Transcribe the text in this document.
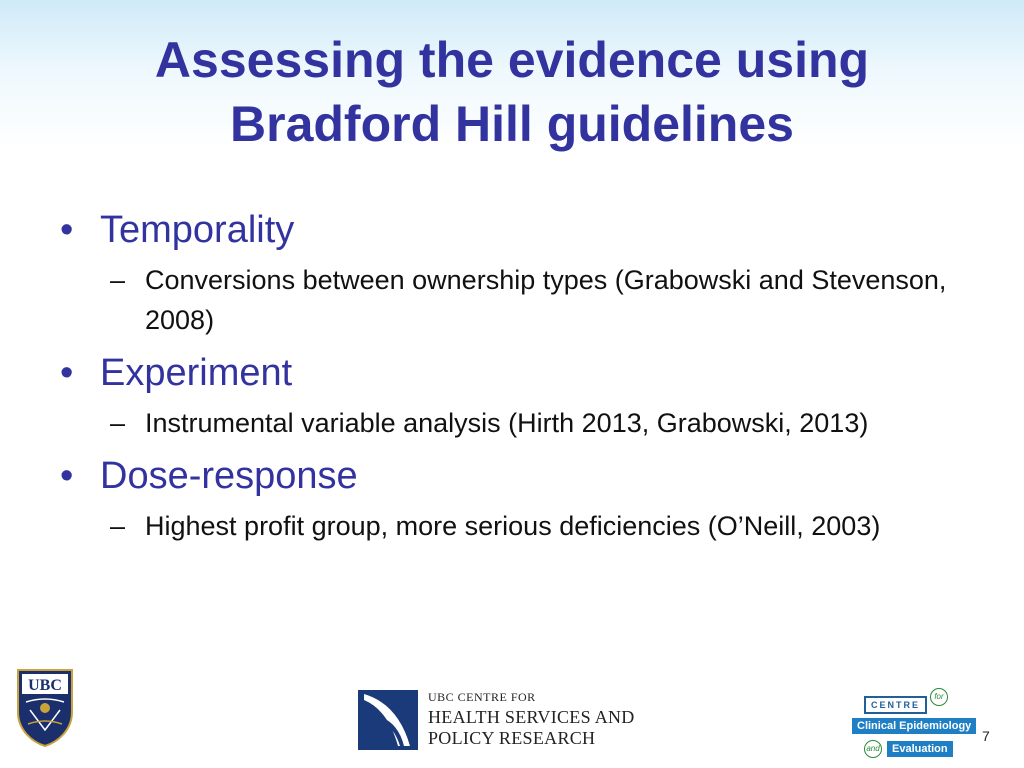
Assessing the evidence using
Bradford Hill guidelines
• Temporality
– Conversions between ownership types (Grabowski and Stevenson, 2008)
• Experiment
– Instrumental variable analysis (Hirth 2013, Grabowski, 2013)
• Dose-response
– Highest profit group, more serious deficiencies (O’Neill, 2003)
UBC
UBC CENTRE FOR
HEALTH SERVICES AND
POLICY RESEARCH
CENTRE
for
Clinical Epidemiology
and	Evaluation
7
